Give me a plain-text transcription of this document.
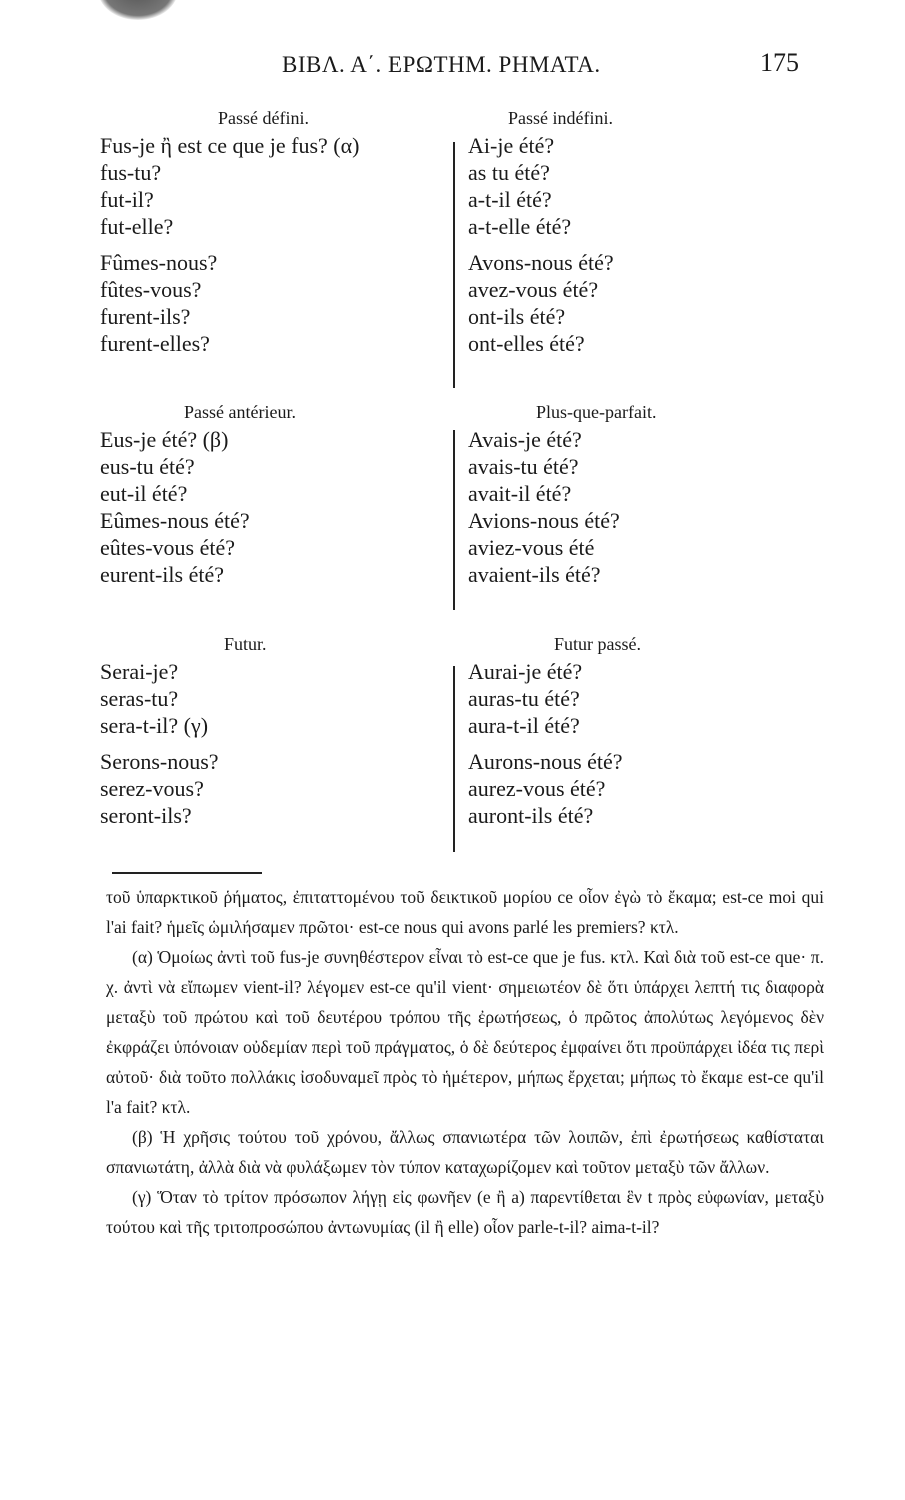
ΒΙΒΛ. Α΄. ΕΡΩΤΗΜ. ΡΗΜΑΤΑ.	175
Passé défini.
Fus-je ἢ est ce que je fus? (α)
fus-tu?
fut-il?
fut-elle?
Fûmes-nous?
fûtes-vous?
furent-ils?
furent-elles?
Passé indéfini.
Ai-je été?
as tu été?
a-t-il été?
a-t-elle été?
Avons-nous été?
avez-vous été?
ont-ils été?
ont-elles été?
Passé antérieur.
Eus-je été? (β)
eus-tu été?
eut-il été?
Eûmes-nous été?
eûtes-vous été?
eurent-ils été?
Plus-que-parfait.
Avais-je été?
avais-tu été?
avait-il été?
Avions-nous été?
aviez-vous été
avaient-ils été?
Futur.
Serai-je?
seras-tu?
sera-t-il? (γ)
Serons-nous?
serez-vous?
seront-ils?
Futur passé.
Aurai-je été?
auras-tu été?
aura-t-il été?
Aurons-nous été?
aurez-vous été?
auront-ils été?

τοῦ ὑπαρκτικοῦ ῥήματος, ἐπιταττομένου τοῦ δεικτικοῦ μορίου ce οἷον ἐγὼ τὸ ἔκαμα; est-ce moi qui l'ai fait? ἡμεῖς ὡμιλήσαμεν πρῶτοι· est-ce nous qui avons parlé les premiers? κτλ.

(α) Ὁμοίως ἀντὶ τοῦ fus-je συνηθέστερον εἶναι τὸ est-ce que je fus. κτλ. Καὶ διὰ τοῦ est-ce que· π. χ. ἀντὶ νὰ εἴπωμεν vient-il? λέγομεν est-ce qu'il vient· σημειωτέον δὲ ὅτι ὑπάρχει λεπτή τις διαφορὰ μεταξὺ τοῦ πρώτου καὶ τοῦ δευτέρου τρόπου τῆς ἐρωτήσεως, ὁ πρῶτος ἀπολύτως λεγόμενος δὲν ἐκφράζει ὑπόνοιαν οὐδεμίαν περὶ τοῦ πράγματος, ὁ δὲ δεύτερος ἐμφαίνει ὅτι προϋπάρχει ἰδέα τις περὶ αὐτοῦ· διὰ τοῦτο πολλάκις ἰσοδυναμεῖ πρὸς τὸ ἡμέτερον, μήπως ἔρχεται; μήπως τὸ ἔκαμε est-ce qu'il l'a fait? κτλ.

(β) Ἡ χρῆσις τούτου τοῦ χρόνου, ἄλλως σπανιωτέρα τῶν λοιπῶν, ἐπὶ ἐρωτήσεως καθίσταται σπανιωτάτη, ἀλλὰ διὰ νὰ φυλάξωμεν τὸν τύπον καταχωρίζομεν καὶ τοῦτον μεταξὺ τῶν ἄλλων.

(γ) Ὅταν τὸ τρίτον πρόσωπον λήγῃ εἰς φωνῆεν (e ἢ a) παρεντίθεται ἓν t πρὸς εὐφωνίαν, μεταξὺ τούτου καὶ τῆς τριτοπροσώπου ἀντωνυμίας (il ἢ elle) οἷον parle-t-il? aima-t-il?
